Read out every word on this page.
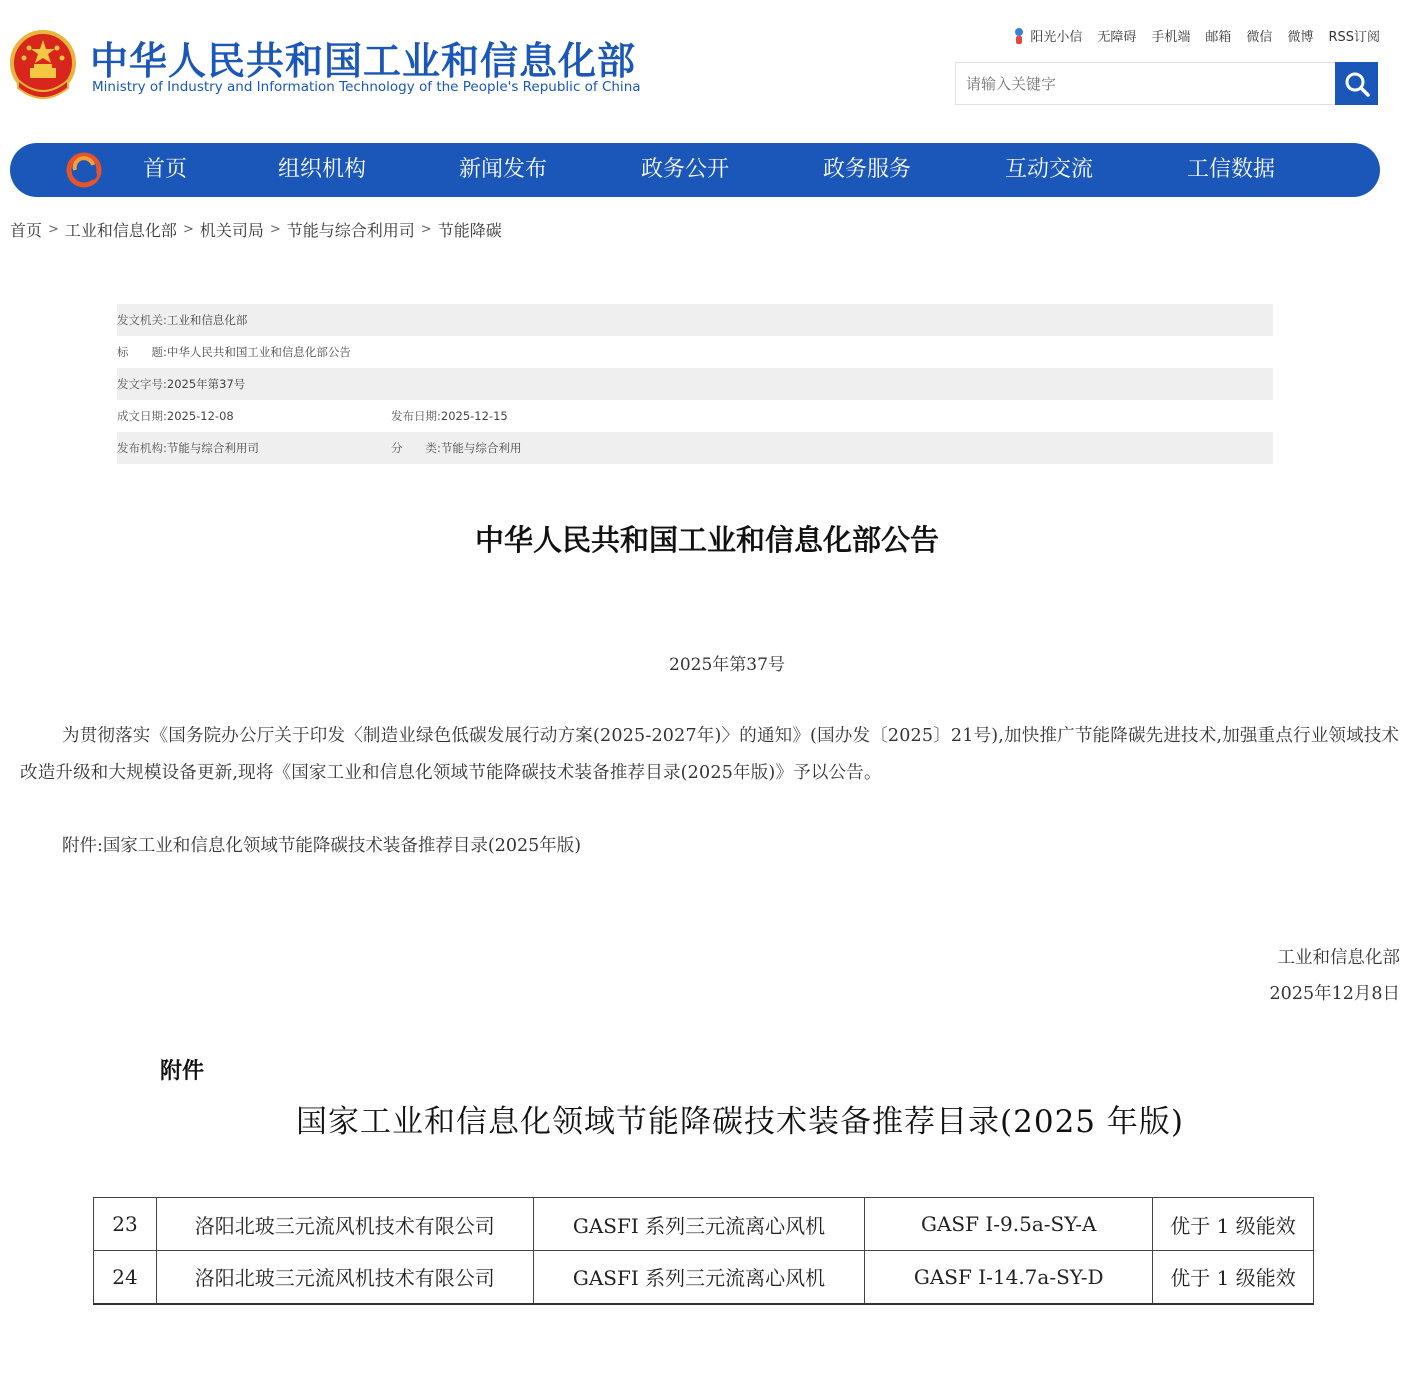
中华人民共和国工业和信息化部
Ministry of Industry and Information Technology of the People's Republic of China
阳光小信 无障碍 手机端 邮箱 微信 微博 RSS订阅
请输入关键字
首页	组织机构	新闻发布	政务公开	政务服务	互动交流	工信数据
首页 > 工业和信息化部 > 机关司局 > 节能与综合利用司 > 节能降碳
发文机关:工业和信息化部
标　　题:中华人民共和国工业和信息化部公告
发文字号:2025年第37号
成文日期:2025-12-08	发布日期:2025-12-15
发布机构:节能与综合利用司	分　　类:节能与综合利用
中华人民共和国工业和信息化部公告
2025年第37号
为贯彻落实《国务院办公厅关于印发〈制造业绿色低碳发展行动方案(2025-2027年)〉的通知》(国办发〔2025〕21号),加快推广节能降碳先进技术,加强重点行业领域技术改造升级和大规模设备更新,现将《国家工业和信息化领域节能降碳技术装备推荐目录(2025年版)》予以公告。
附件:国家工业和信息化领域节能降碳技术装备推荐目录(2025年版)
工业和信息化部
2025年12月8日
附件
国家工业和信息化领域节能降碳技术装备推荐目录(2025 年版)
23	洛阳北玻三元流风机技术有限公司	GASFI 系列三元流离心风机	GASF I-9.5a-SY-A	优于 1 级能效
24	洛阳北玻三元流风机技术有限公司	GASFI 系列三元流离心风机	GASF I-14.7a-SY-D	优于 1 级能效
